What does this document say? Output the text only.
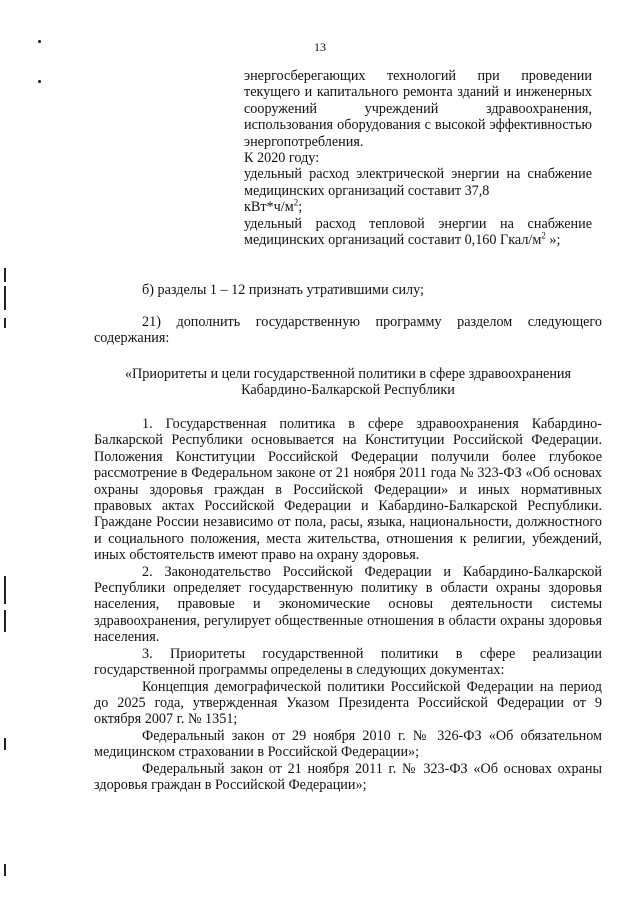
13

энергосберегающих технологий при проведении текущего и капитального ремонта зданий и инженерных сооружений учреждений здравоохранения, использования оборудования с высокой эффективностью энергопотребления.

К 2020 году:

удельный расход электрической энергии на снабжение медицинских организаций составит 37,8
$кВт*ч/м^2$;

удельный расход тепловой энергии на снабжение медицинских организаций составит 0,160 Гкал/$м^2$ »;

б) разделы 1 – 12 признать утратившими силу;

21) дополнить государственную программу разделом следующего содержания:

«Приоритеты и цели государственной политики в сфере здравоохранения Кабардино-Балкарской Республики

1. Государственная политика в сфере здравоохранения Кабардино-Балкарской Республики основывается на Конституции Российской Федерации. Положения Конституции Российской Федерации получили более глубокое рассмотрение в Федеральном законе от 21 ноября 2011 года № 323-ФЗ «Об основах охраны здоровья граждан в Российской Федерации» и иных нормативных правовых актах Российской Федерации и Кабардино-Балкарской Республики. Граждане России независимо от пола, расы, языка, национальности, должностного и социального положения, места жительства, отношения к религии, убеждений, иных обстоятельств имеют право на охрану здоровья.

2. Законодательство Российской Федерации и Кабардино-Балкарской Республики определяет государственную политику в области охраны здоровья населения, правовые и экономические основы деятельности системы здравоохранения, регулирует общественные отношения в области охраны здоровья населения.

3. Приоритеты государственной политики в сфере реализации государственной программы определены в следующих документах:

Концепция демографической политики Российской Федерации на период до 2025 года, утвержденная Указом Президента Российской Федерации от 9 октября 2007 г. № 1351;

Федеральный закон от 29 ноября 2010 г. № 326-ФЗ «Об обязательном медицинском страховании в Российской Федерации»;

Федеральный закон от 21 ноября 2011 г. № 323-ФЗ «Об основах охраны здоровья граждан в Российской Федерации»;
